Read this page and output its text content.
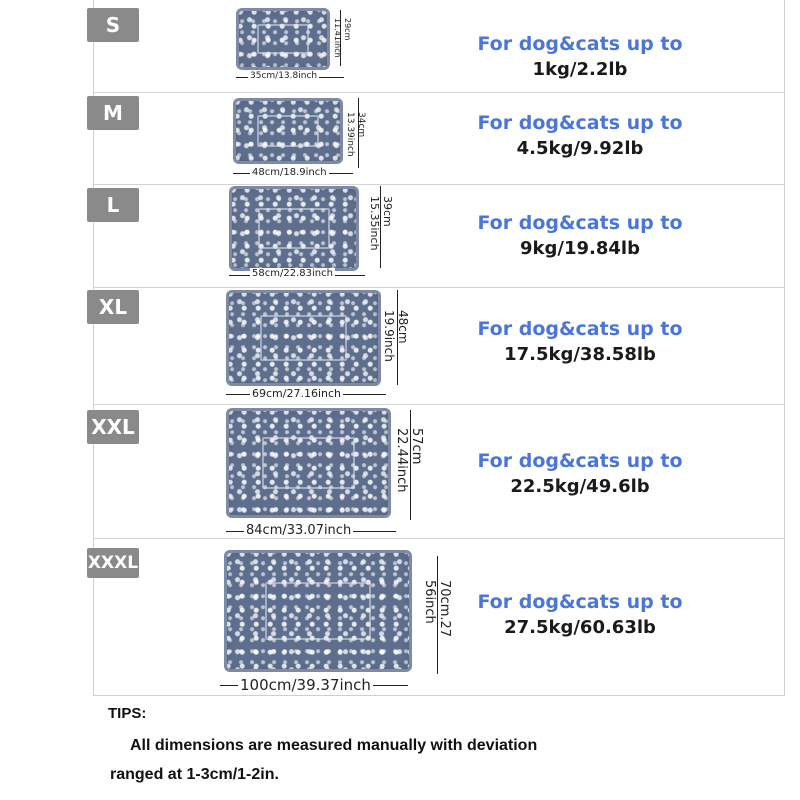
S	29cm
11.41inch
35cm/13.8inch
For dog&cats up to
1kg/2.2lb
M	34cm
13.39inch
48cm/18.9inch
For dog&cats up to
4.5kg/9.92lb
L	39cm
15.35inch
58cm/22.83inch
For dog&cats up to
9kg/19.84lb
XL
48cm
19.9inch
69cm/27.16inch
For dog&cats up to
17.5kg/38.58lb
XXL
57cm
22.44inch
84cm/33.07inch
For dog&cats up to
22.5kg/49.6lb
XXXL
70cm.27
56inch
100cm/39.37inch
For dog&cats up to
27.5kg/60.63lb
TIPS:
All dimensions are measured manually with deviation
ranged at 1-3cm/1-2in.
